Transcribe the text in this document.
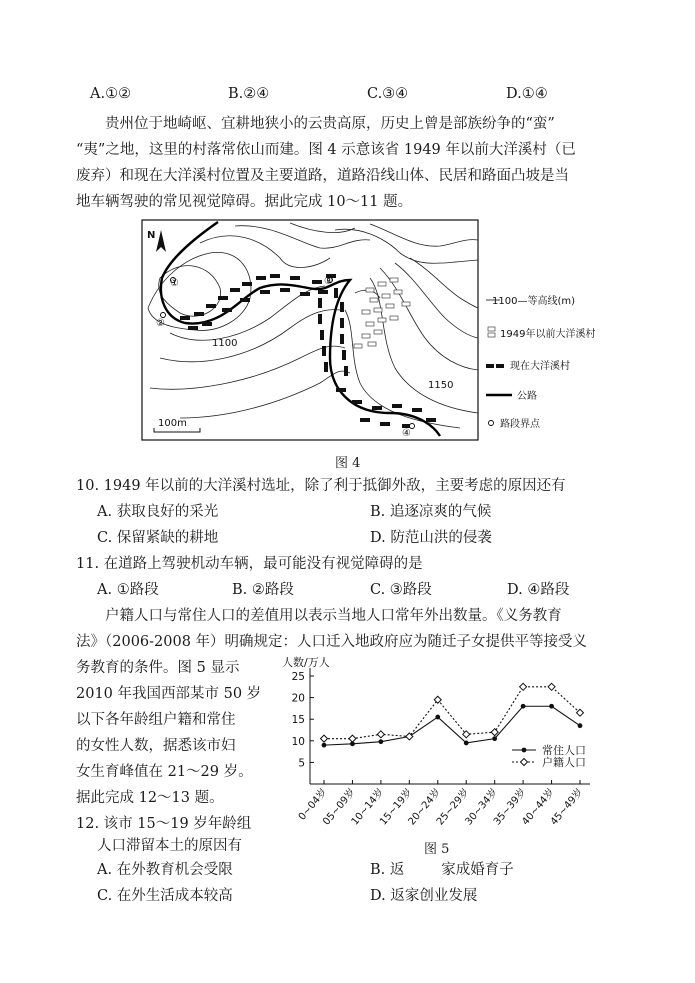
A.①②	B.②④	C.③④	D.①④
贵州位于地崎岖、宜耕地狭小的云贵高原，历史上曾是部族纷争的“蛮”
“夷”之地，这里的村落常依山而建。图 4 示意该省 1949 年以前大洋溪村（已
废弃）和现在大洋溪村位置及主要道路，道路沿线山体、民居和路面凸坡是当
地车辆驾驶的常见视觉障碍。据此完成 10～11 题。
1100
1150
①
②
③
④
N
100m
1100—等高线(m)
1949年以前大洋溪村
现在大洋溪村
公路
路段界点
图 4
10. 1949 年以前的大洋溪村选址，除了利于抵御外敌，主要考虑的原因还有
A. 获取良好的采光	B. 追逐凉爽的气候
C. 保留紧缺的耕地	D. 防范山洪的侵袭
11. 在道路上驾驶机动车辆，最可能没有视觉障碍的是
A. ①路段	B. ②路段	C. ③路段	D. ④路段
户籍人口与常住人口的差值用以表示当地人口常年外出数量。《义务教育
法》（2006-2008 年）明确规定：人口迁入地政府应为随迁子女提供平等接受义
务教育的条件。图 5 显示
2010 年我国西部某市 50 岁
以下各年龄组户籍和常住
的女性人数，据悉该市妇
女生育峰值在 21～29 岁。
据此完成 12～13 题。
人数/万人
5
10
15
20
25
0~04岁
05~09岁
10~14岁
15~19岁
20~24岁
25~29岁
30~34岁
35~39岁
40~44岁
45~49岁
常住人口
户籍人口
图 5
12. 该市 15～19 岁年龄组
人口滞留本土的原因有
A. 在外教育机会受限	B. 返        家成婚育子
C. 在外生活成本较高	D. 返家创业发展
